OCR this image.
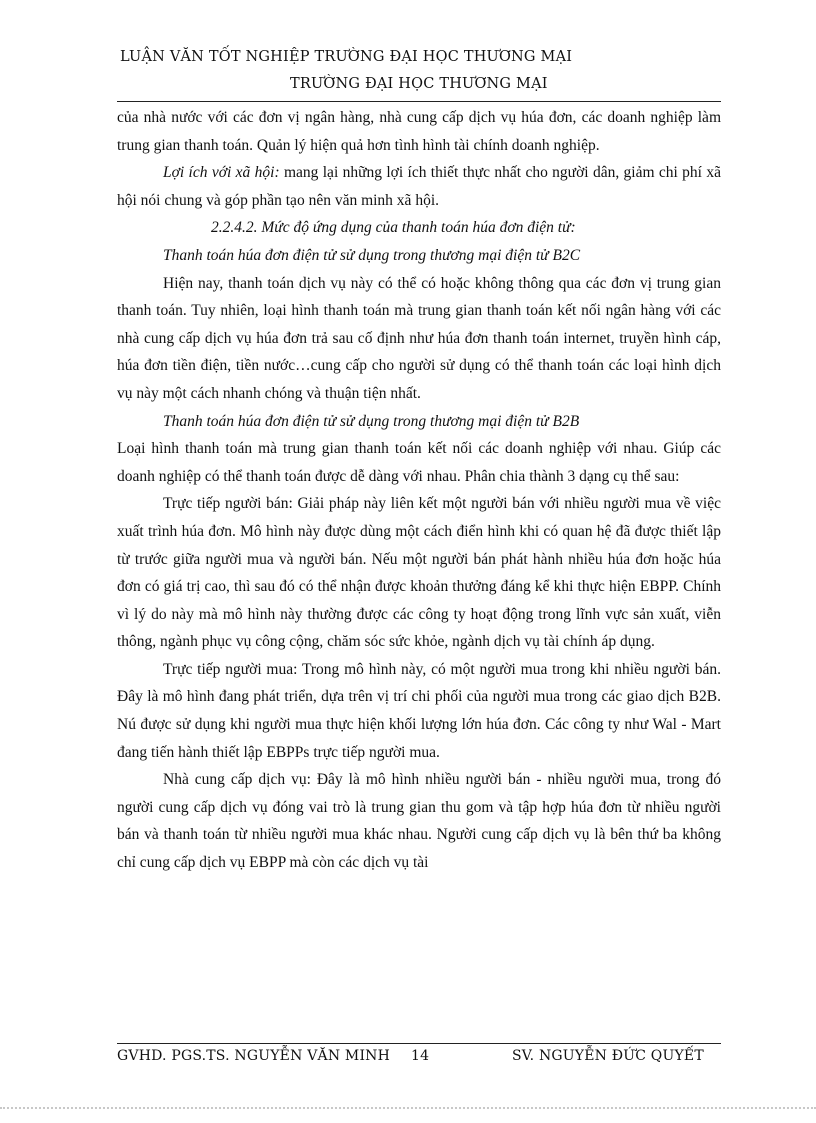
LUẬN VĂN TỐT NGHIỆP TRƯỜNG ĐẠI HỌC THƯƠNG MẠI
TRƯỜNG ĐẠI HỌC THƯƠNG MẠI

của nhà nước với các đơn vị ngân hàng, nhà cung cấp dịch vụ húa đơn, các doanh nghiệp làm trung gian thanh toán. Quản lý hiện quả hơn tình hình tài chính doanh nghiệp.

Lợi ích với xã hội: mang lại những lợi ích thiết thực nhất cho người dân, giảm chi phí xã hội nói chung và góp phần tạo nên văn minh xã hội.

2.2.4.2. Mức độ ứng dụng của thanh toán húa đơn điện tử:

Thanh toán húa đơn điện tử sử dụng trong thương mại điện tử B2C

Hiện nay, thanh toán dịch vụ này có thể có hoặc không thông qua các đơn vị trung gian thanh toán. Tuy nhiên, loại hình thanh toán mà trung gian thanh toán kết nối ngân hàng với các nhà cung cấp dịch vụ húa đơn trả sau cố định như húa đơn thanh toán internet, truyền hình cáp, húa đơn tiền điện, tiền nước…cung cấp cho người sử dụng có thể thanh toán các loại hình dịch vụ này một cách nhanh chóng và thuận tiện nhất.

Thanh toán húa đơn điện tử sử dụng trong thương mại điện tử B2B

Loại hình thanh toán mà trung gian thanh toán kết nối các doanh nghiệp với nhau. Giúp các doanh nghiệp có thể thanh toán được dễ dàng với nhau. Phân chia thành 3 dạng cụ thể sau:

Trực tiếp người bán: Giải pháp này liên kết một người bán với nhiều người mua về việc xuất trình húa đơn. Mô hình này được dùng một cách điển hình khi có quan hệ đã được thiết lập từ trước giữa người mua và người bán. Nếu một người bán phát hành nhiều húa đơn hoặc húa đơn có giá trị cao, thì sau đó có thể nhận được khoản thưởng đáng kể khi thực hiện EBPP. Chính vì lý do này mà mô hình này thường được các công ty hoạt động trong lĩnh vực sản xuất, viễn thông, ngành phục vụ công cộng, chăm sóc sức khỏe, ngành dịch vụ tài chính áp dụng.

Trực tiếp người mua: Trong mô hình này, có một người mua trong khi nhiều người bán. Đây là mô hình đang phát triển, dựa trên vị trí chi phối của người mua trong các giao dịch B2B. Nú được sử dụng khi người mua thực hiện khối lượng lớn húa đơn. Các công ty như Wal - Mart đang tiến hành thiết lập EBPPs trực tiếp người mua.

Nhà cung cấp dịch vụ: Đây là mô hình nhiều người bán - nhiều người mua, trong đó người cung cấp dịch vụ đóng vai trò là trung gian thu gom và tập hợp húa đơn từ nhiều người bán và thanh toán từ nhiều người mua khác nhau. Người cung cấp dịch vụ là bên thứ ba không chỉ cung cấp dịch vụ EBPP mà còn các dịch vụ tài

GVHD. PGS.TS. NGUYỄN VĂN MINH 14	SV. NGUYỄN ĐỨC QUYẾT
